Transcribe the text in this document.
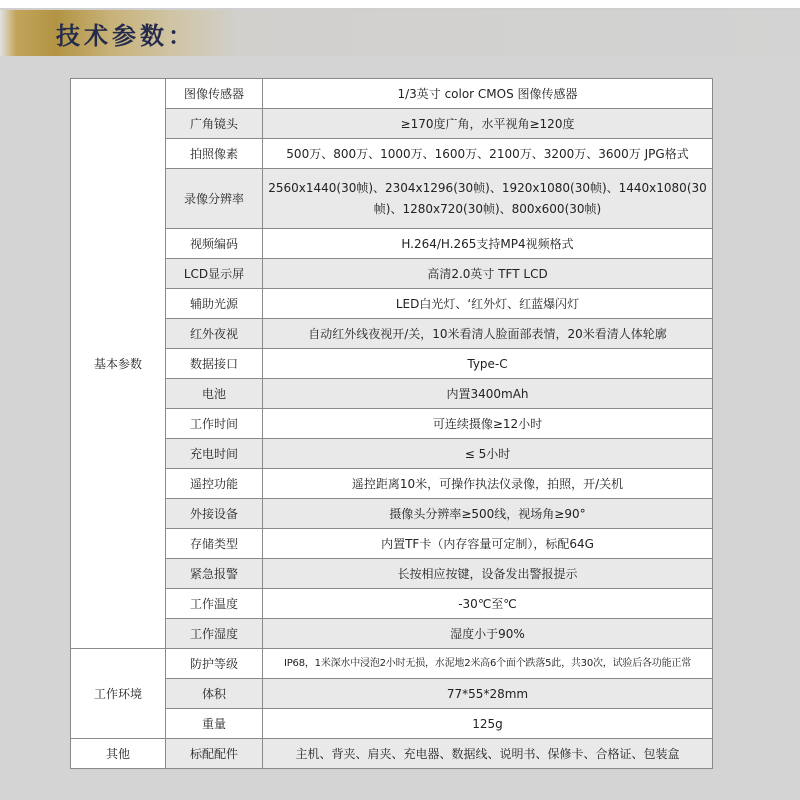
技术参数：
基本参数	图像传感器	1/3英寸 color CMOS 图像传感器
	广角镜头	≥170度广角，水平视角≥120度
	拍照像素	500万、800万、1000万、1600万、2100万、3200万、3600万 JPG格式
	录像分辨率	2560x1440(30帧)、2304x1296(30帧)、1920x1080(30帧)、1440x1080(30帧)、1280x720(30帧)、800x600(30帧)
	视频编码	H.264/H.265支持MP4视频格式
	LCD显示屏	高清2.0英寸 TFT LCD
	辅助光源	LED白光灯、‘红外灯、红蓝爆闪灯
	红外夜视	自动红外线夜视开/关，10米看清人脸面部表情，20米看清人体轮廓
	数据接口	Type-C
	电池	内置3400mAh
	工作时间	可连续摄像≥12小时
	充电时间	≤ 5小时
	遥控功能	遥控距离10米，可操作执法仪录像，拍照，开/关机
	外接设备	摄像头分辨率≥500线，视场角≥90°
	存储类型	内置TF卡（内存容量可定制），标配64G
	紧急报警	长按相应按键，设备发出警报提示
	工作温度	-30℃至℃
	工作湿度	湿度小于90%
工作环境	防护等级	IP68，1米深水中浸泡2小时无损，水泥地2米高6个面个跌落5此，共30次，试验后各功能正常
	体积	77*55*28mm
	重量	125g
其他	标配配件	主机、背夹、肩夹、充电器、数据线、说明书、保修卡、合格证、包装盒
